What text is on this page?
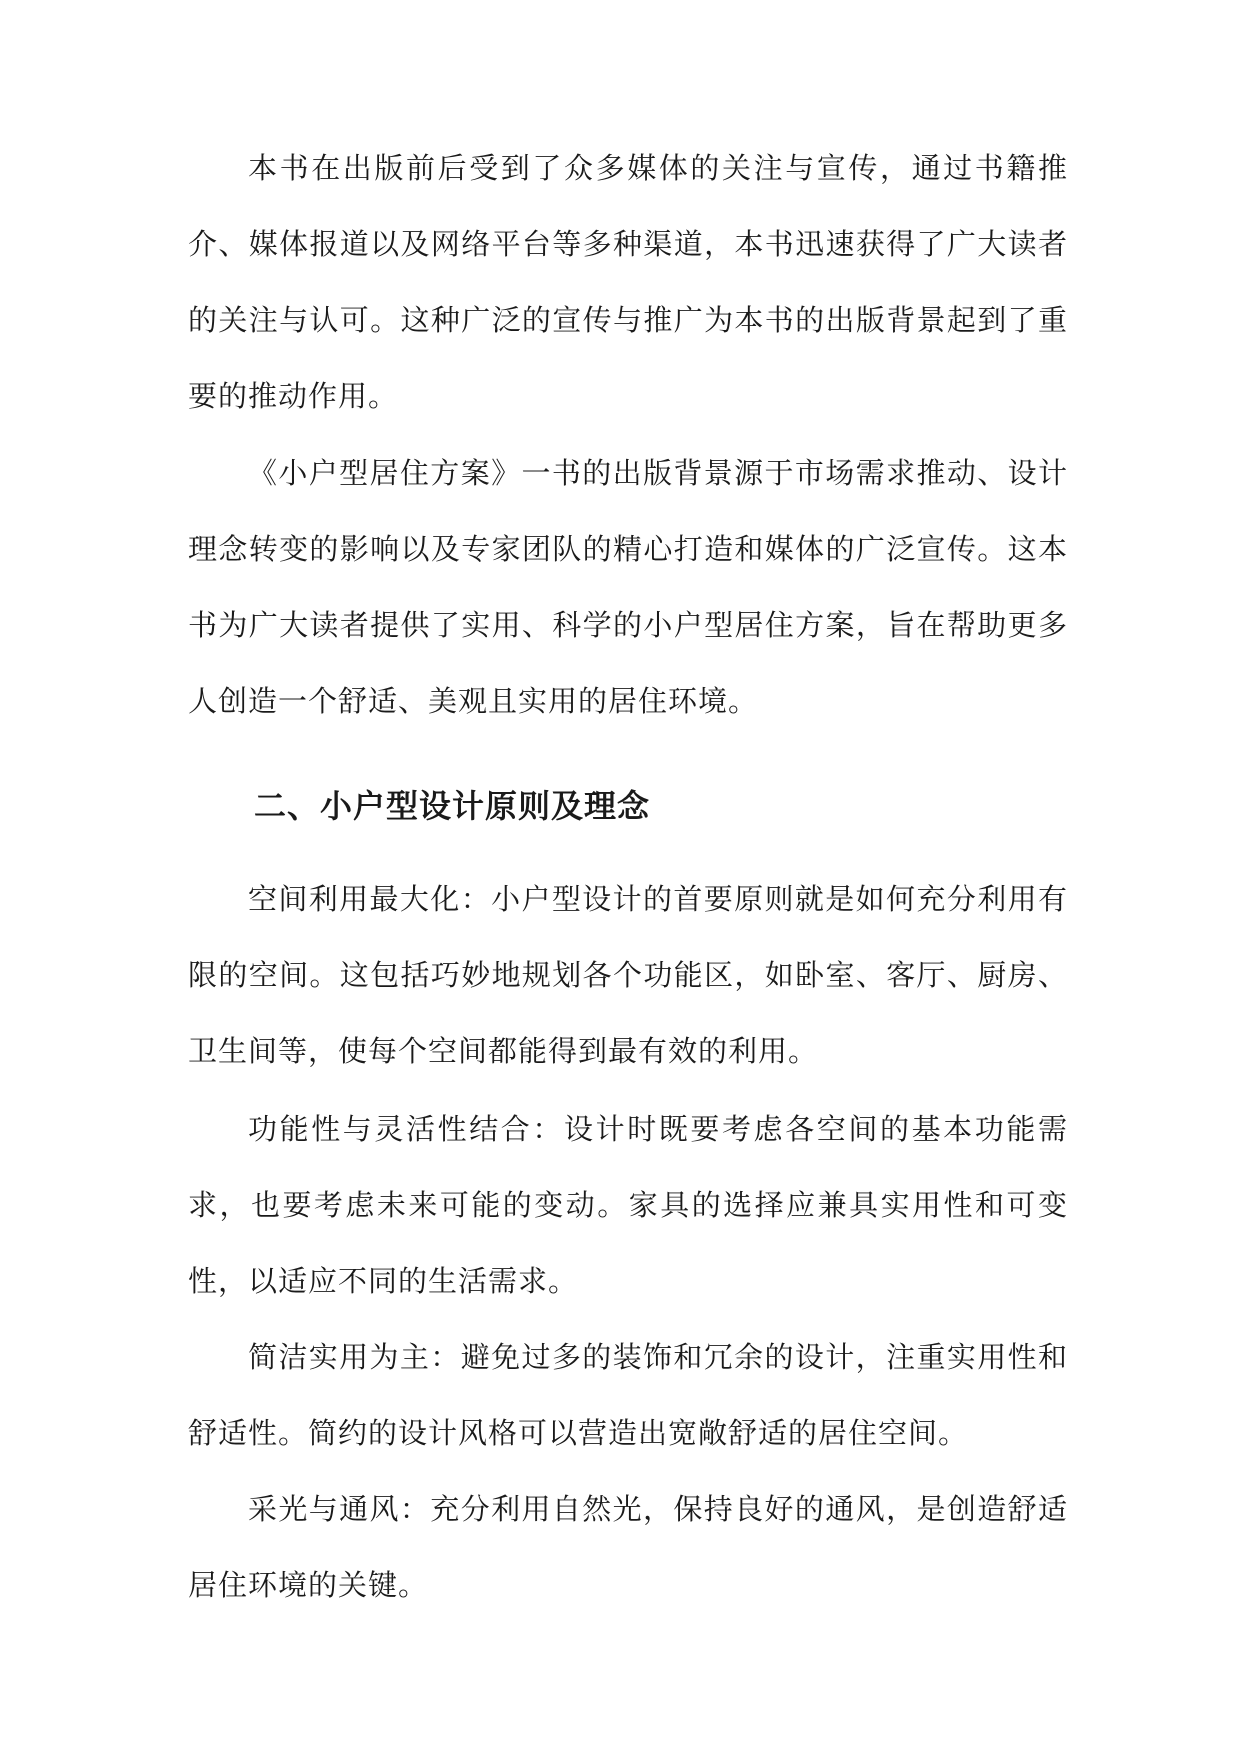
本书在出版前后受到了众多媒体的关注与宣传，通过书籍推介、媒体报道以及网络平台等多种渠道，本书迅速获得了广大读者的关注与认可。这种广泛的宣传与推广为本书的出版背景起到了重要的推动作用。

《小户型居住方案》一书的出版背景源于市场需求推动、设计理念转变的影响以及专家团队的精心打造和媒体的广泛宣传。这本书为广大读者提供了实用、科学的小户型居住方案，旨在帮助更多人创造一个舒适、美观且实用的居住环境。

二、小户型设计原则及理念

空间利用最大化：小户型设计的首要原则就是如何充分利用有限的空间。这包括巧妙地规划各个功能区，如卧室、客厅、厨房、卫生间等，使每个空间都能得到最有效的利用。

功能性与灵活性结合：设计时既要考虑各空间的基本功能需求，也要考虑未来可能的变动。家具的选择应兼具实用性和可变性，以适应不同的生活需求。

简洁实用为主：避免过多的装饰和冗余的设计，注重实用性和舒适性。简约的设计风格可以营造出宽敞舒适的居住空间。

采光与通风：充分利用自然光，保持良好的通风，是创造舒适居住环境的关键。
